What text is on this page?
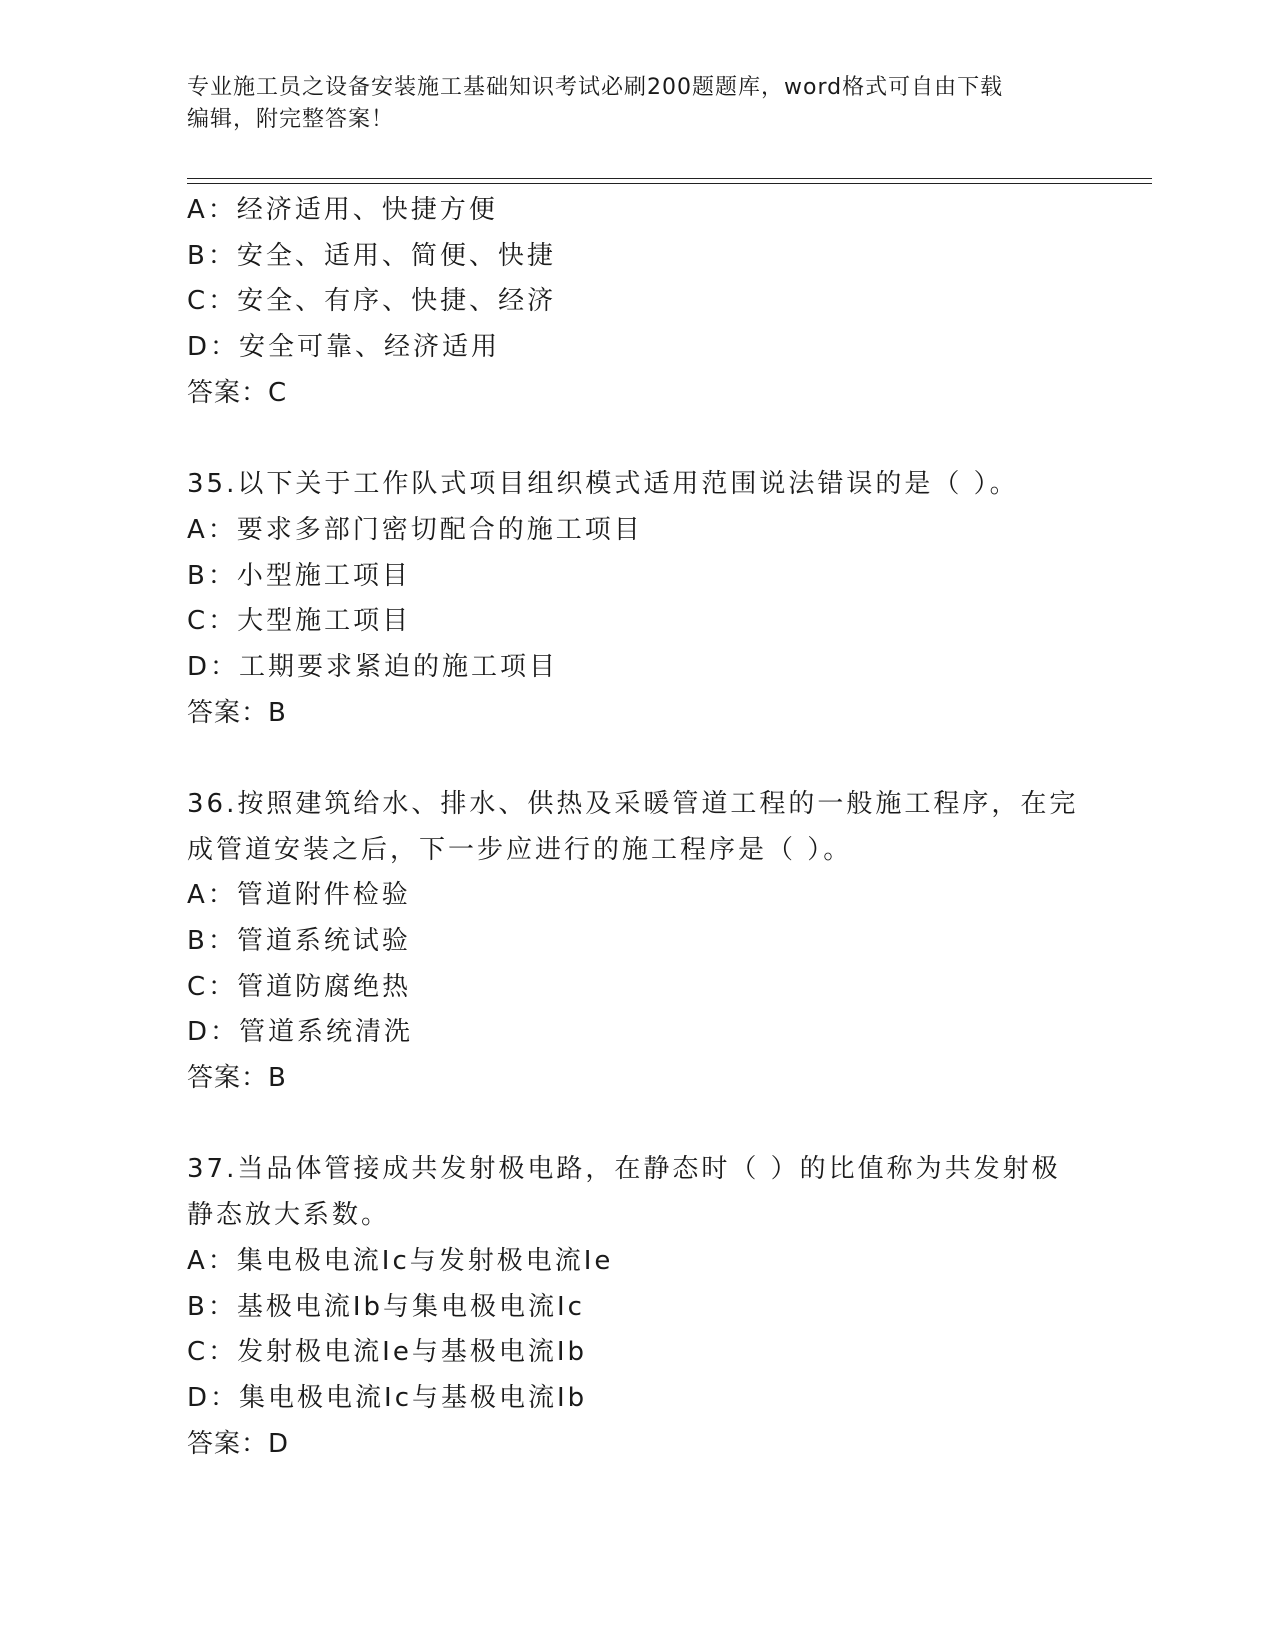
专业施工员之设备安装施工基础知识考试必刷200题题库，word格式可自由下载
编辑，附完整答案！
A：经济适用、快捷方便
B：安全、适用、简便、快捷
C：安全、有序、快捷、经济
D：安全可靠、经济适用
答案：C
35.以下关于工作队式项目组织模式适用范围说法错误的是（ ）。
A：要求多部门密切配合的施工项目
B：小型施工项目
C：大型施工项目
D：工期要求紧迫的施工项目
答案：B
36.按照建筑给水、排水、供热及采暖管道工程的一般施工程序，在完
成管道安装之后，下一步应进行的施工程序是（ ）。
A：管道附件检验
B：管道系统试验
C：管道防腐绝热
D：管道系统清洗
答案：B
37.当品体管接成共发射极电路，在静态时（ ）的比值称为共发射极
静态放大系数。
A：集电极电流Ic与发射极电流Ie
B：基极电流Ib与集电极电流Ic
C：发射极电流Ie与基极电流Ib
D：集电极电流Ic与基极电流Ib
答案：D
